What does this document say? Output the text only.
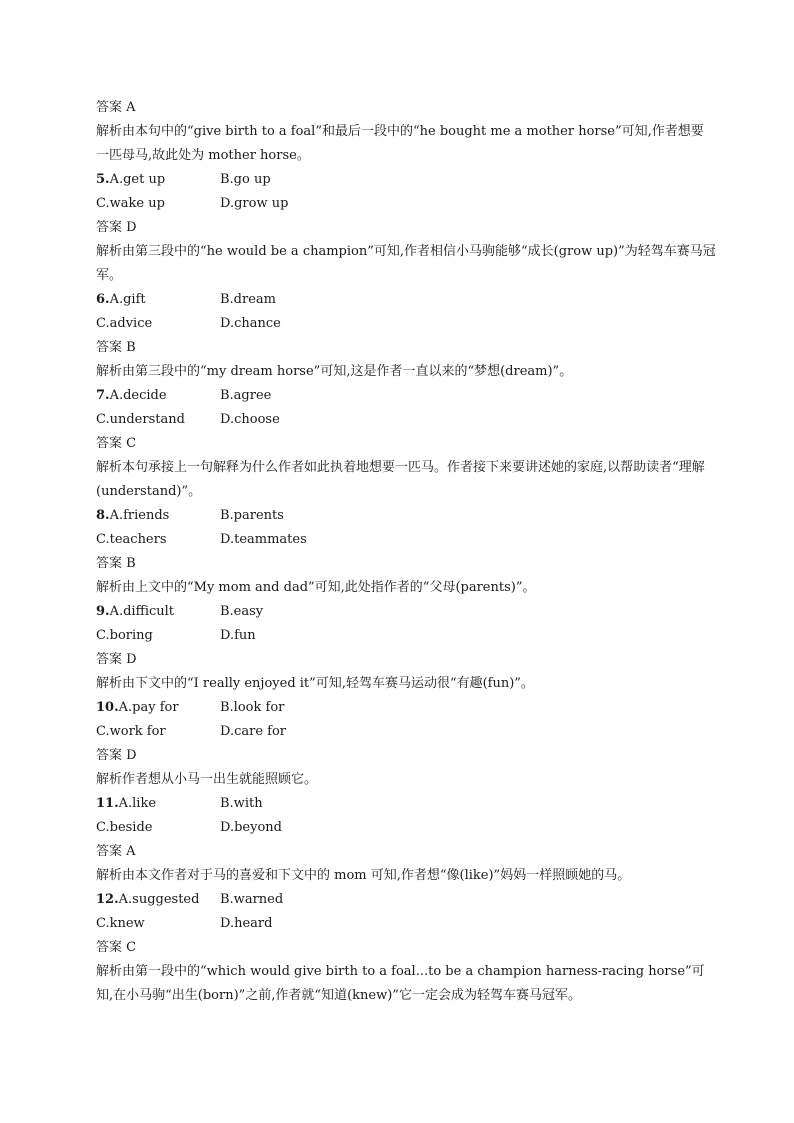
答案 A
解析由本句中的“give birth to a foal”和最后一段中的“he bought me a mother horse”可知,作者想要一匹母马,故此处为 mother horse。
5.A.get up	B.go up
C.wake up	D.grow up
答案 D
解析由第三段中的“he would be a champion”可知,作者相信小马驹能够“成长(grow up)”为轻驾车赛马冠军。
6.A.gift	B.dream
C.advice	D.chance
答案 B
解析由第三段中的“my dream horse”可知,这是作者一直以来的“梦想(dream)”。
7.A.decide	B.agree
C.understand	D.choose
答案 C
解析本句承接上一句解释为什么作者如此执着地想要一匹马。作者接下来要讲述她的家庭,以帮助读者“理解(understand)”。
8.A.friends	B.parents
C.teachers	D.teammates
答案 B
解析由上文中的“My mom and dad”可知,此处指作者的“父母(parents)”。
9.A.difficult	B.easy
C.boring	D.fun
答案 D
解析由下文中的“I really enjoyed it”可知,轻驾车赛马运动很“有趣(fun)”。
10.A.pay for	B.look for
C.work for	D.care for
答案 D
解析作者想从小马一出生就能照顾它。
11.A.like	B.with
C.beside	D.beyond
答案 A
解析由本文作者对于马的喜爱和下文中的 mom 可知,作者想“像(like)”妈妈一样照顾她的马。
12.A.suggested	B.warned
C.knew	D.heard
答案 C
解析由第一段中的“which would give birth to a foal...to be a champion harness-racing horse”可知,在小马驹“出生(born)”之前,作者就“知道(knew)”它一定会成为轻驾车赛马冠军。
